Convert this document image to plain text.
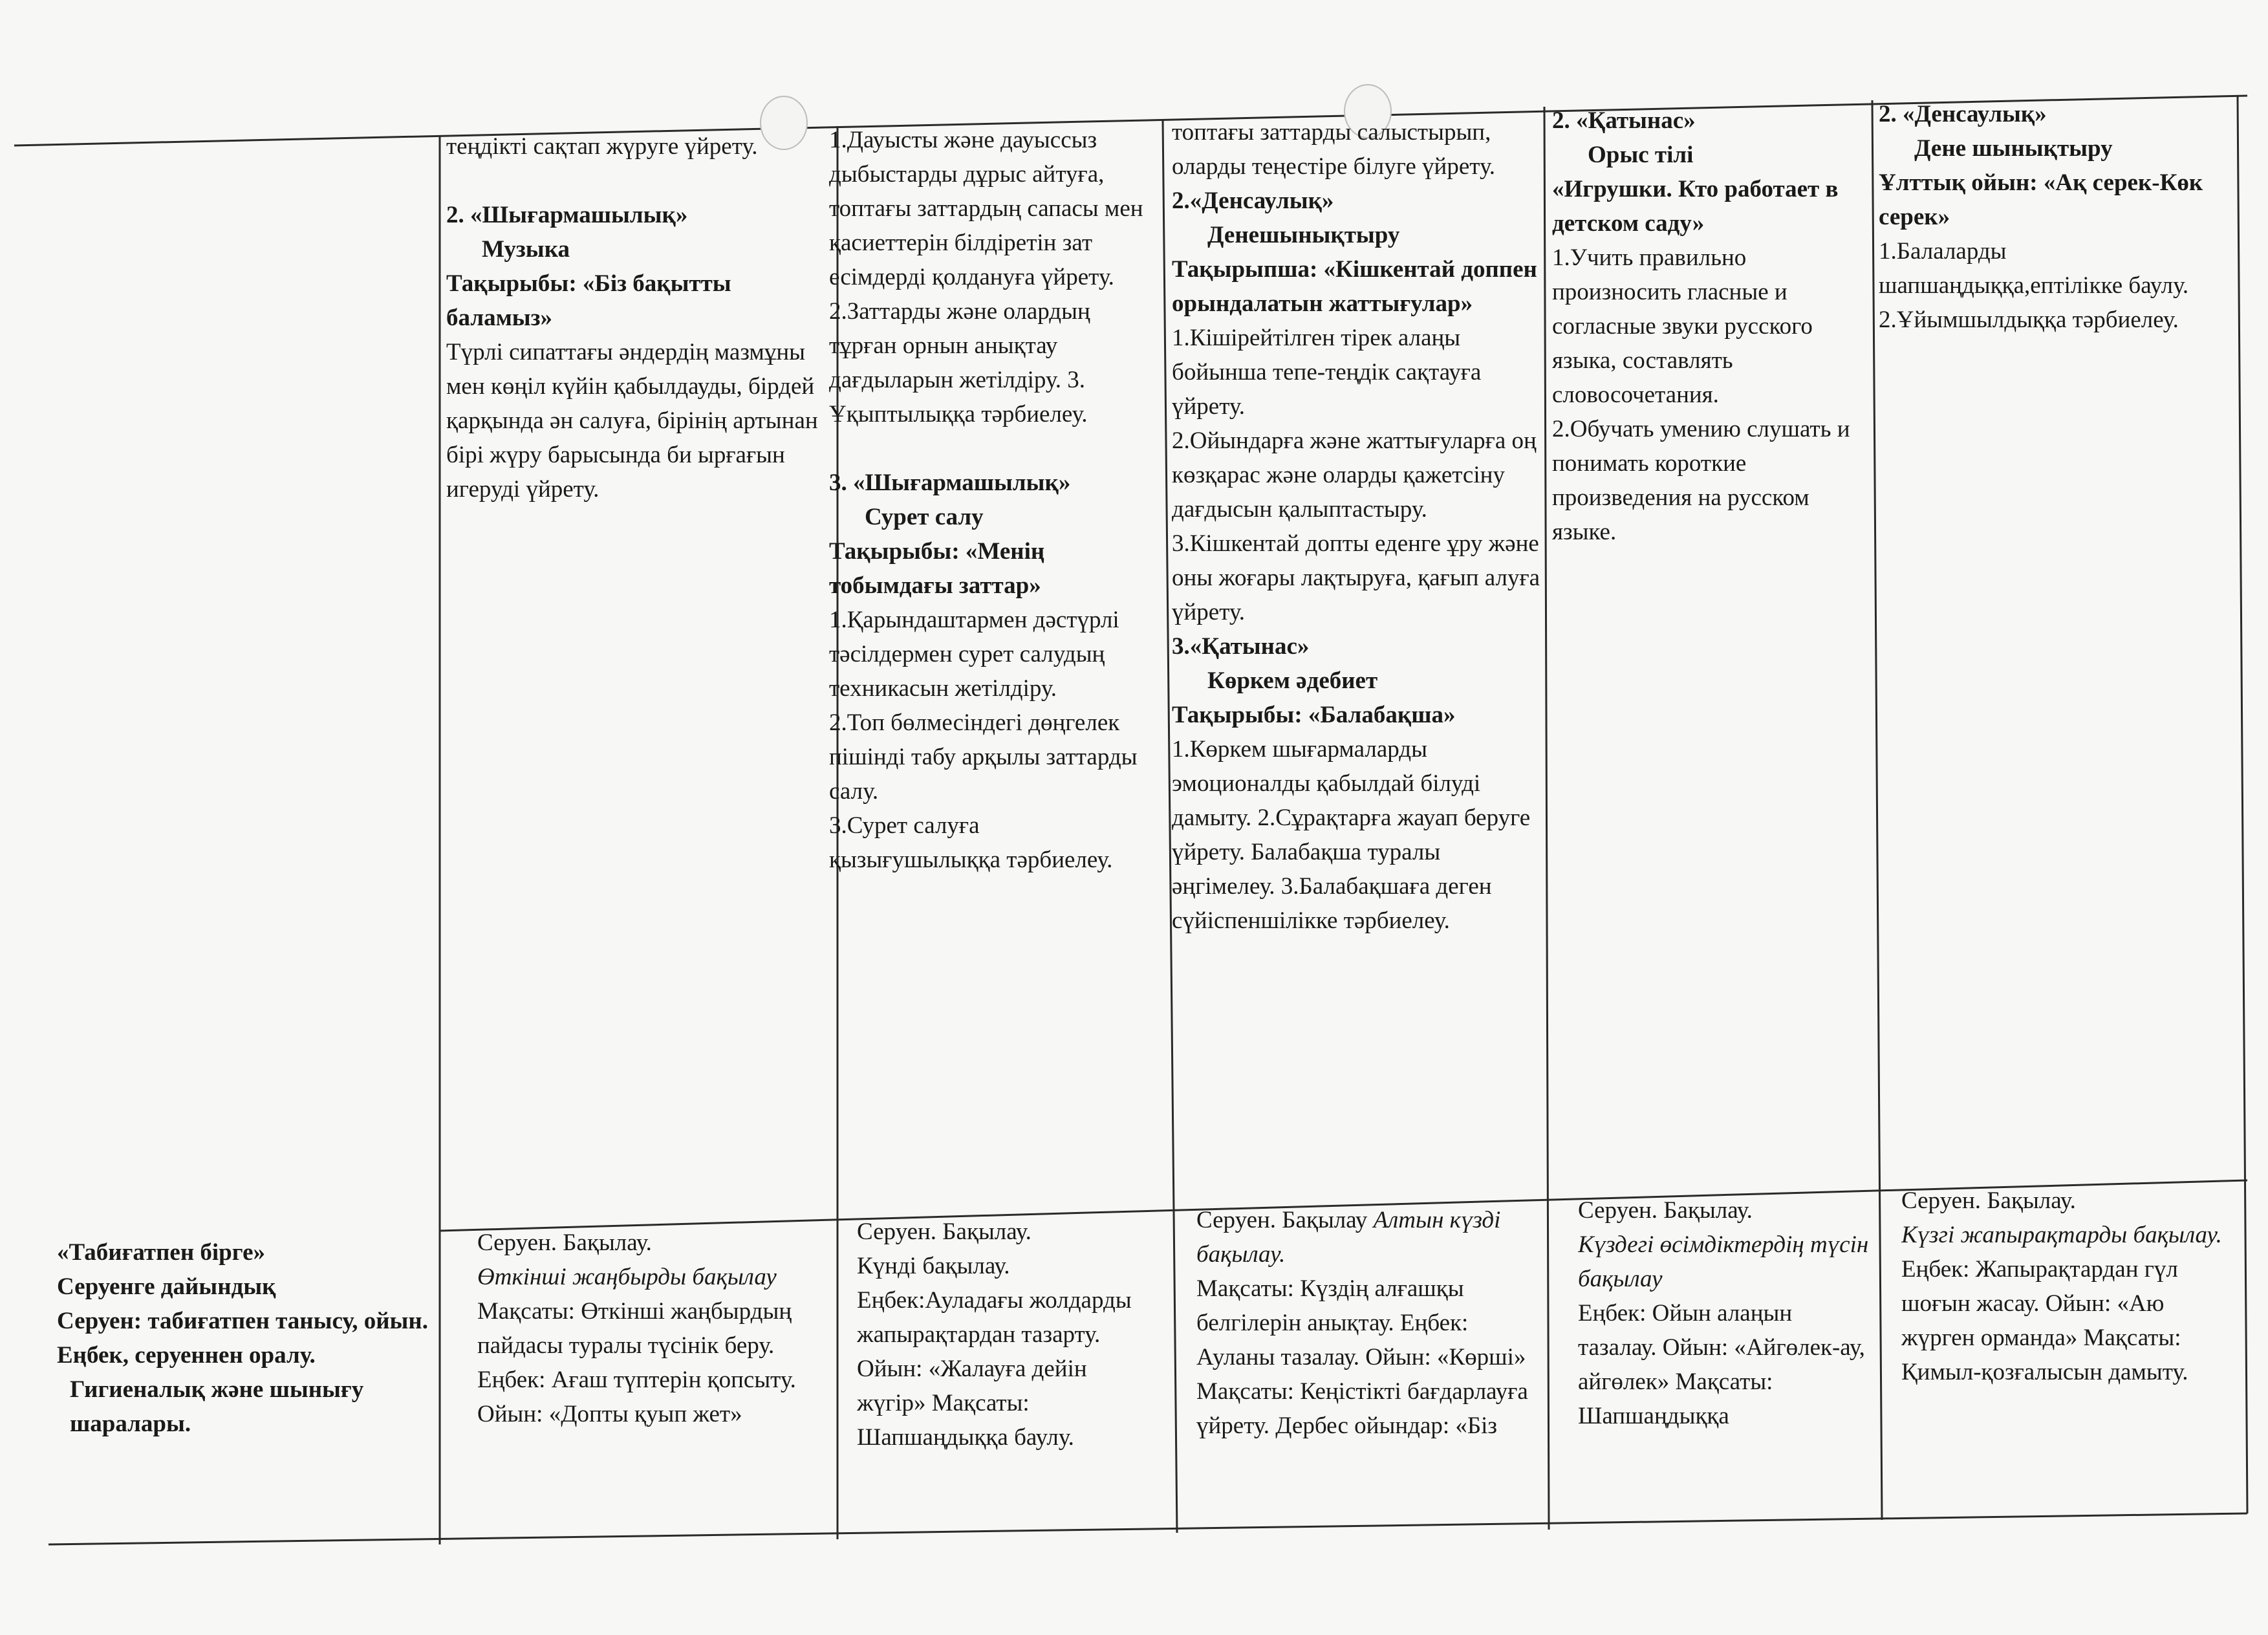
теңдікті сақтап жүруге үйрету.

2. «Шығармашылық»

Музыка

Тақырыбы: «Біз бақытты баламыз»

Түрлі сипаттағы әндердің мазмұны мен көңіл күйін қабылдауды, бірдей қарқында ән салуға, бірінің артынан бірі жүру барысында би ырғағын игеруді үйрету.

1.Дауысты және дауыссыз дыбыстарды дұрыс айтуға, топтағы заттардың сапасы мен қасиеттерін білдіретін зат есімдерді қолдануға үйрету. 2.Заттарды және олардың тұрған орнын анықтау дағдыларын жетілдіру. 3. Ұқыптылыққа тәрбиелеу.

3. «Шығармашылық»

Сурет салу

Тақырыбы: «Менің тобымдағы заттар»

1.Қарындаштармен дәстүрлі тәсілдермен сурет салудың техникасын жетілдіру.

2.Топ бөлмесіндегі дөңгелек пішінді табу арқылы заттарды салу.

3.Сурет салуға қызығушылыққа тәрбиелеу.

топтағы заттарды салыстырып, оларды теңестіре білуге үйрету.

2.«Денсаулық»

Денешынықтыру

Тақырыпша: «Кішкентай доппен орындалатын жаттығулар»

1.Кішірейтілген тірек алаңы бойынша тепе-теңдік сақтауға үйрету.

2.Ойындарға және жаттығуларға оң көзқарас және оларды қажетсіну дағдысын қалыптастыру.

3.Кішкентай допты еденге ұру және оны жоғары лақтыруға, қағып алуға үйрету.

3.«Қатынас»

Көркем әдебиет

Тақырыбы: «Балабақша»

1.Көркем шығармаларды эмоционалды қабылдай білуді дамыту. 2.Сұрақтарға жауап беруге үйрету. Балабақша туралы әңгімелеу. 3.Балабақшаға деген сүйіспеншілікке тәрбиелеу.

2. «Қатынас»

Орыс тілі

«Игрушки. Кто работает в детском саду»

1.Учить правильно произносить гласные и согласные звуки русского языка, составлять словосочетания.

2.Обучать умению слушать и понимать короткие произведения на русском языке.

2. «Денсаулық»

Дене шынықтыру

Ұлттық ойын: «Ақ серек-Көк серек»

1.Балаларды шапшаңдыққа,ептілікке баулу.

2.Ұйымшылдыққа тәрбиелеу.

«Табиғатпен бірге»

Серуенге дайындық

Серуен: табиғатпен танысу, ойын.

Еңбек, серуеннен оралу.

Гигиеналық және шынығу шаралары.

Серуен. Бақылау.

Өткінші жаңбырды бақылау

Мақсаты: Өткінші жаңбырдың пайдасы туралы түсінік беру. Еңбек: Ағаш түптерін қопсыту. Ойын: «Допты қуып жет»

Серуен. Бақылау.

Күнді бақылау. Еңбек:Ауладағы жолдарды жапырақтардан тазарту. Ойын: «Жалауға дейін жүгір» Мақсаты: Шапшаңдыққа баулу.

Серуен. Бақылау Алтын күзді бақылау.

Мақсаты: Күздің алғашқы белгілерін анықтау. Еңбек: Ауланы тазалау. Ойын: «Көрші» Мақсаты: Кеңістікті бағдарлауға үйрету. Дербес ойындар: «Біз

Серуен. Бақылау.

Күздегі өсімдіктердің түсін бақылау

Еңбек: Ойын алаңын тазалау. Ойын: «Айгөлек-ау, айгөлек» Мақсаты: Шапшаңдыққа

Серуен. Бақылау.

Күзгі жапырақтарды бақылау.

Еңбек: Жапырақтардан гүл шоғын жасау. Ойын: «Аю жүрген орманда» Мақсаты: Қимыл-қозғалысын дамыту.
